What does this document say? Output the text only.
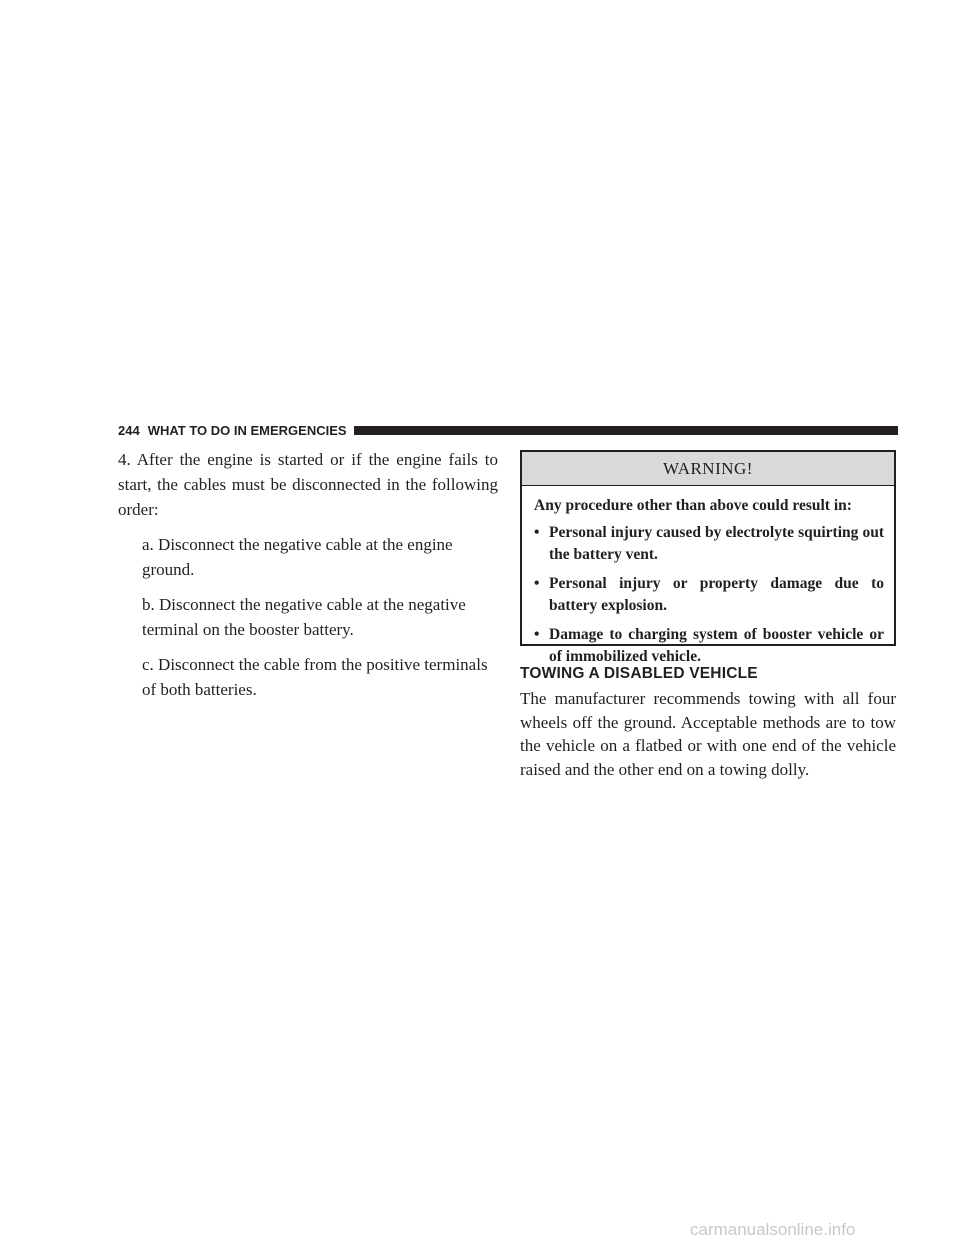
244 WHAT TO DO IN EMERGENCIES

4. After the engine is started or if the engine fails to start, the cables must be disconnected in the following order:

a. Disconnect the negative cable at the engine ground.

b. Disconnect the negative cable at the negative terminal on the booster battery.

c. Disconnect the cable from the positive terminals of both batteries.

WARNING!

Any procedure other than above could result in:

• Personal injury caused by electrolyte squirting out the battery vent.
• Personal injury or property damage due to battery explosion.
• Damage to charging system of booster vehicle or of immobilized vehicle.
TOWING A DISABLED VEHICLE

The manufacturer recommends towing with all four wheels off the ground. Acceptable methods are to tow the vehicle on a flatbed or with one end of the vehicle raised and the other end on a towing dolly.

carmanualsonline.info
